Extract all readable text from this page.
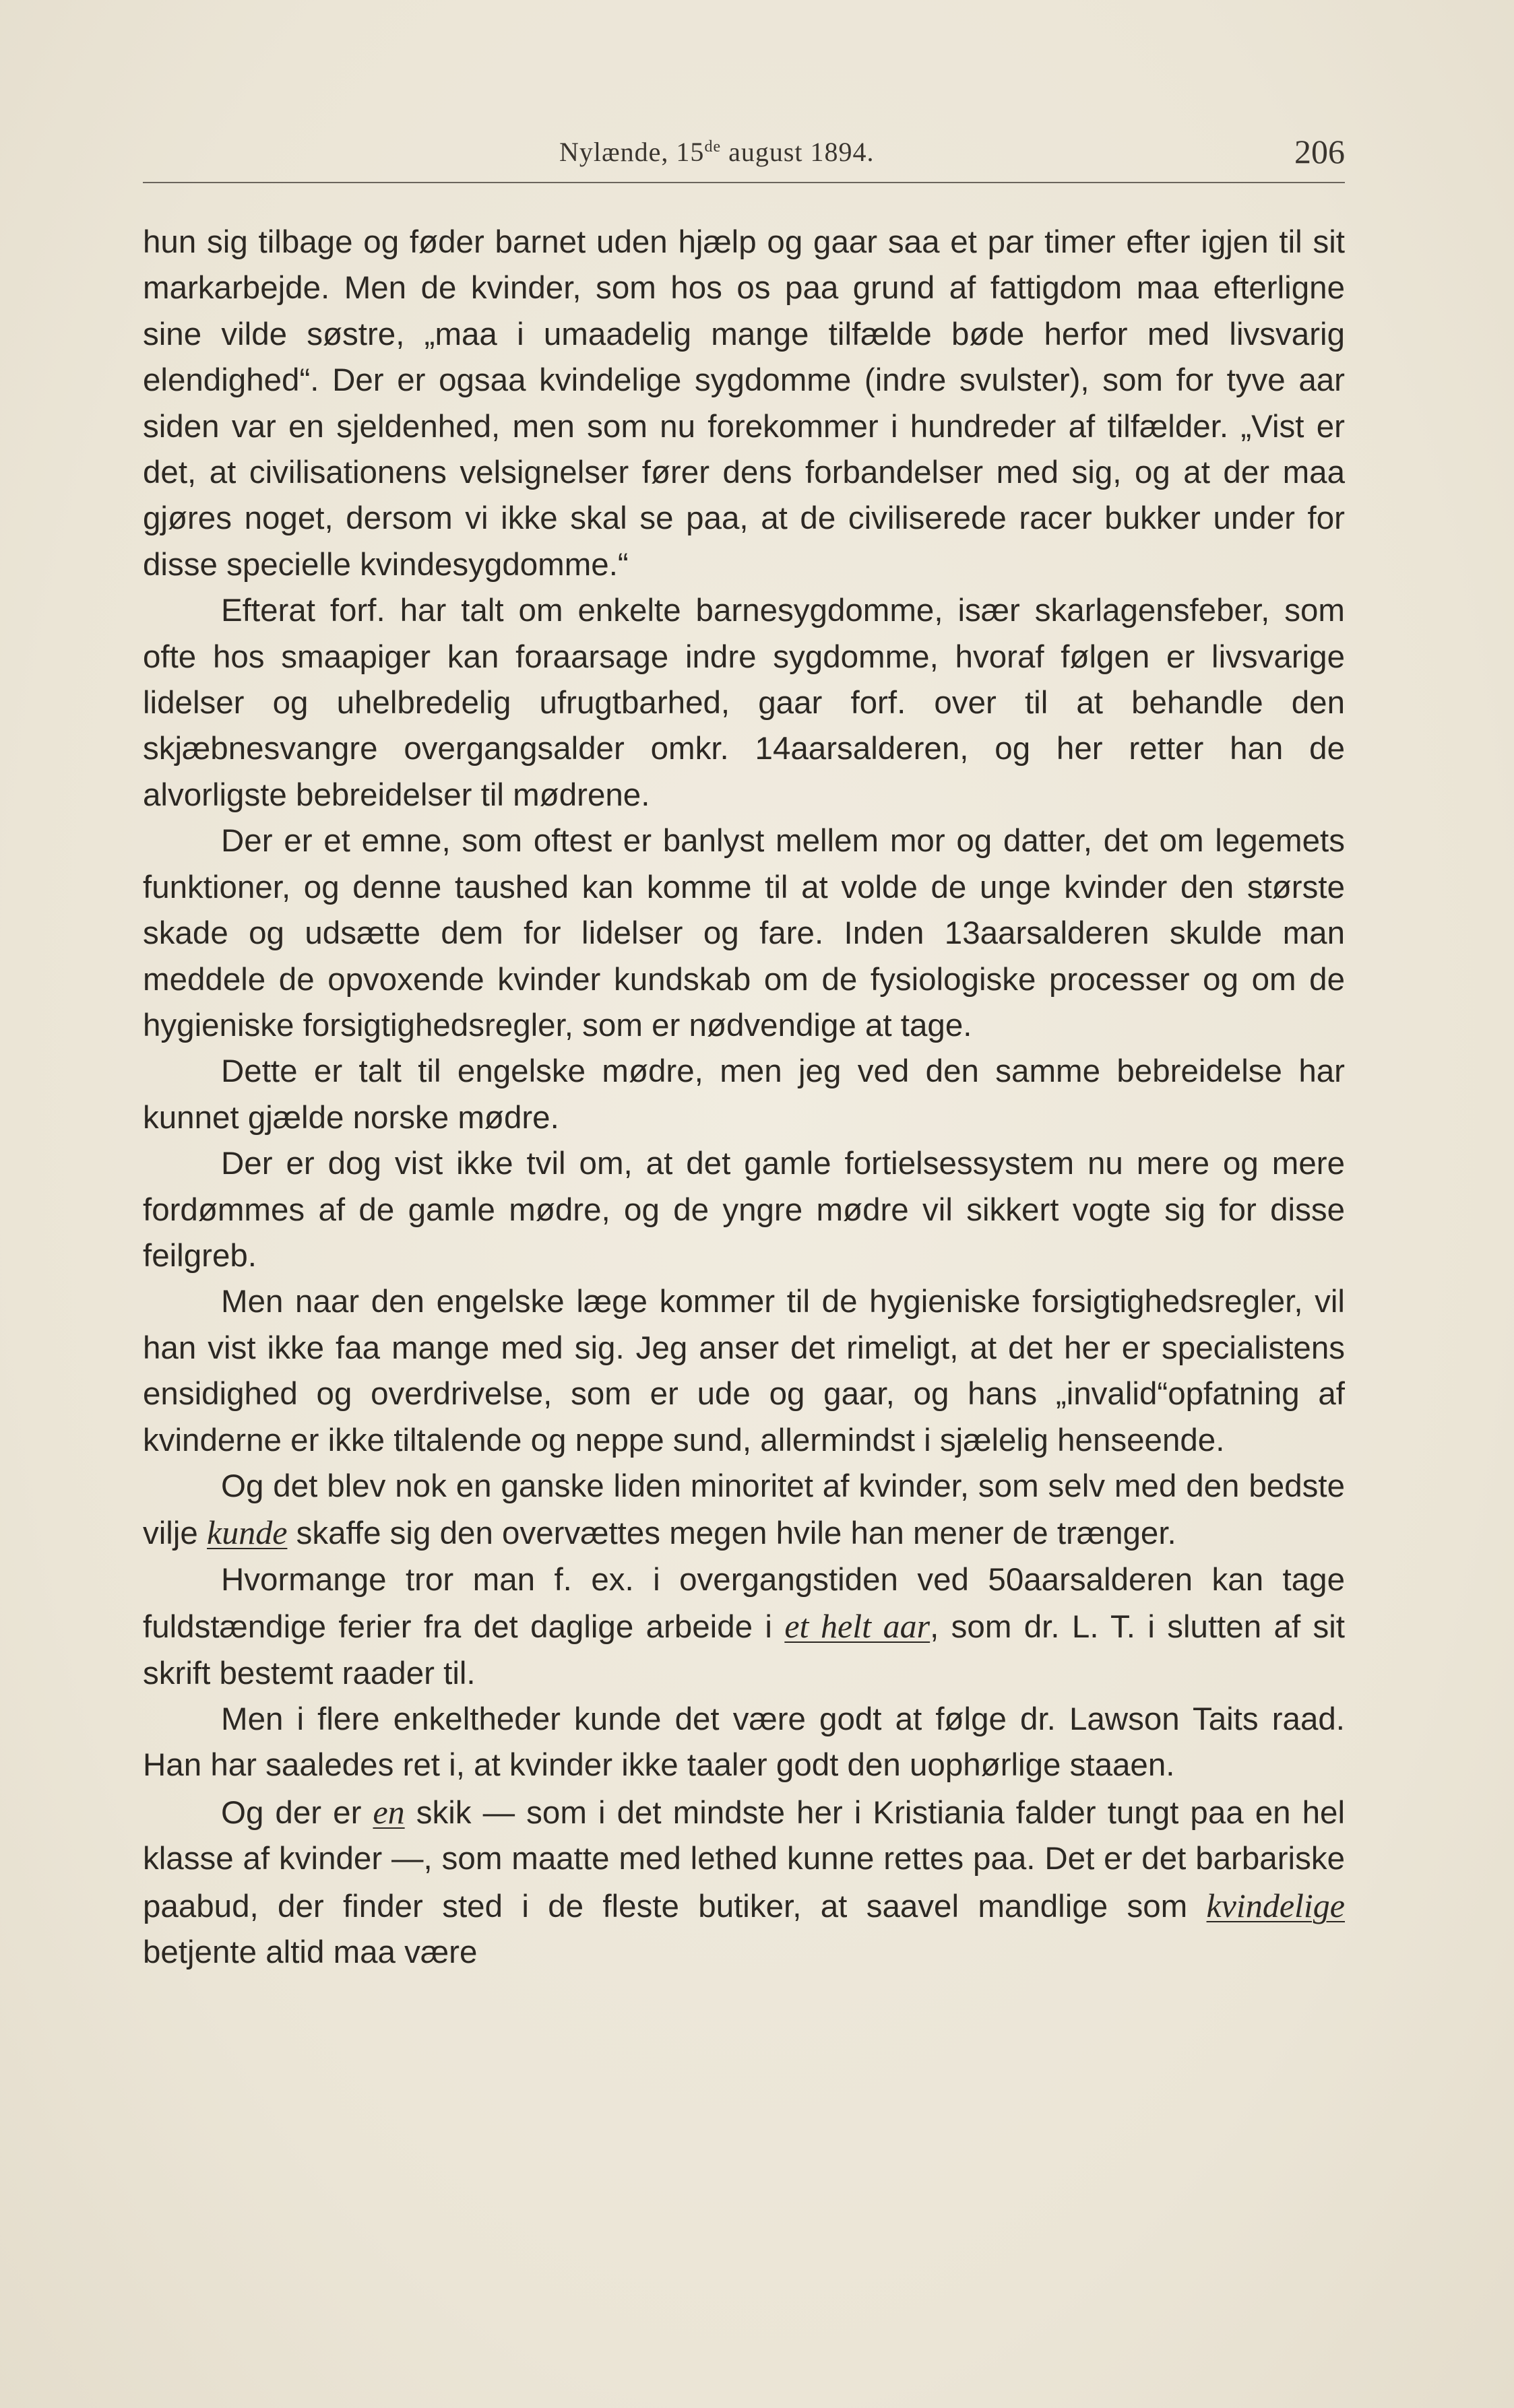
Nylænde, 15de august 1894.	206

hun sig tilbage og føder barnet uden hjælp og gaar saa et par timer efter igjen til sit markarbejde. Men de kvinder, som hos os paa grund af fattigdom maa efterligne sine vilde søstre, „maa i umaadelig mange tilfælde bøde herfor med livsvarig elendighed“. Der er ogsaa kvindelige sygdomme (indre svulster), som for tyve aar siden var en sjeldenhed, men som nu forekommer i hundreder af tilfælder. „Vist er det, at civilisationens velsignelser fører dens forbandelser med sig, og at der maa gjøres noget, dersom vi ikke skal se paa, at de civiliserede racer bukker under for disse specielle kvindesygdomme.“

Efterat forf. har talt om enkelte barnesygdomme, især skarlagensfeber, som ofte hos smaapiger kan foraarsage indre sygdomme, hvoraf følgen er livsvarige lidelser og uhelbredelig ufrugtbarhed, gaar forf. over til at behandle den skjæbnesvangre overgangsalder omkr. 14aarsalderen, og her retter han de alvorligste bebreidelser til mødrene.

Der er et emne, som oftest er banlyst mellem mor og datter, det om legemets funktioner, og denne taushed kan komme til at volde de unge kvinder den største skade og udsætte dem for lidelser og fare. Inden 13aarsalderen skulde man meddele de opvoxende kvinder kundskab om de fysiologiske processer og om de hygieniske forsigtighedsregler, som er nødvendige at tage.

Dette er talt til engelske mødre, men jeg ved den samme bebreidelse har kunnet gjælde norske mødre.

Der er dog vist ikke tvil om, at det gamle fortielsessystem nu mere og mere fordømmes af de gamle mødre, og de yngre mødre vil sikkert vogte sig for disse feilgreb.

Men naar den engelske læge kommer til de hygieniske forsigtighedsregler, vil han vist ikke faa mange med sig. Jeg anser det rimeligt, at det her er specialistens ensidighed og overdrivelse, som er ude og gaar, og hans „invalid“opfatning af kvinderne er ikke tiltalende og neppe sund, allermindst i sjælelig henseende.

Og det blev nok en ganske liden minoritet af kvinder, som selv med den bedste vilje kunde skaffe sig den overvættes megen hvile han mener de trænger.

Hvormange tror man f. ex. i overgangstiden ved 50aarsalderen kan tage fuldstændige ferier fra det daglige arbeide i et helt aar, som dr. L. T. i slutten af sit skrift bestemt raader til.

Men i flere enkeltheder kunde det være godt at følge dr. Lawson Taits raad. Han har saaledes ret i, at kvinder ikke taaler godt den uophørlige staaen.

Og der er en skik — som i det mindste her i Kristiania falder tungt paa en hel klasse af kvinder —, som maatte med lethed kunne rettes paa. Det er det barbariske paabud, der finder sted i de fleste butiker, at saavel mandlige som kvindelige betjente altid maa være
